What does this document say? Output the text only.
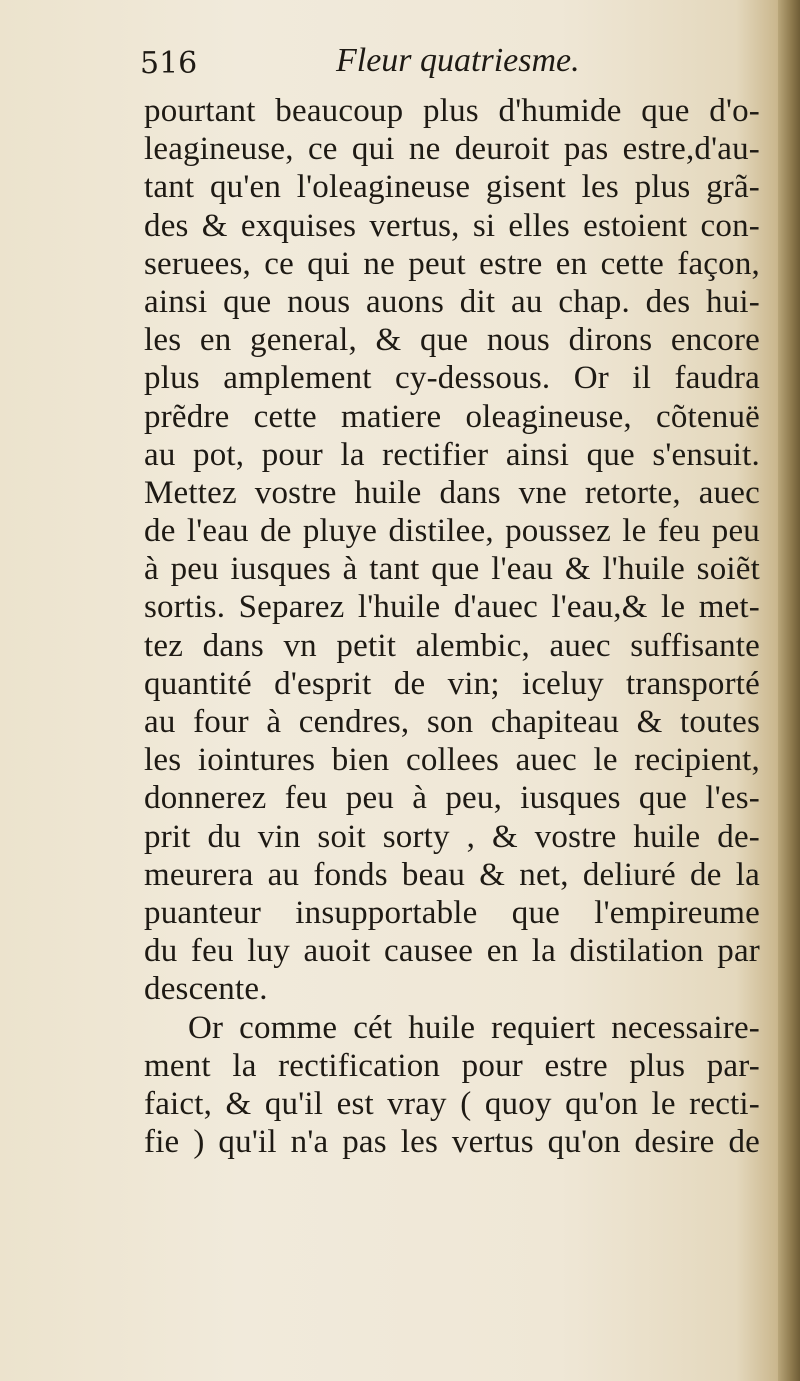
516	Fleur quatriesme.
pourtant beaucoup plus d'humide que d'o-
leagineuse, ce qui ne deuroit pas estre,d'au-
tant qu'en l'oleagineuse gisent les plus grã-
des & exquises vertus, si elles estoient con-
seruees, ce qui ne peut estre en cette façon,
ainsi que nous auons dit au chap. des hui-
les en general, & que nous dirons encore
plus amplement cy-dessous. Or il faudra
prẽdre cette matiere oleagineuse, cõtenuë
au pot, pour la rectifier ainsi que s'ensuit.
Mettez vostre huile dans vne retorte, auec
de l'eau de pluye distilee, poussez le feu peu
à peu iusques à tant que l'eau & l'huile soiẽt
sortis. Separez l'huile d'auec l'eau,& le met-
tez dans vn petit alembic, auec suffisante
quantité d'esprit de vin; iceluy transporté
au four à cendres, son chapiteau & toutes
les iointures bien collees auec le recipient,
donnerez feu peu à peu, iusques que l'es-
prit du vin soit sorty , & vostre huile de-
meurera au fonds beau & net, deliuré de la
puanteur insupportable que l'empireume
du feu luy auoit causee en la distilation par
descente.
Or comme cét huile requiert necessaire-
ment la rectification pour estre plus par-
faict, & qu'il est vray ( quoy qu'on le recti-
fie ) qu'il n'a pas les vertus qu'on desire de
